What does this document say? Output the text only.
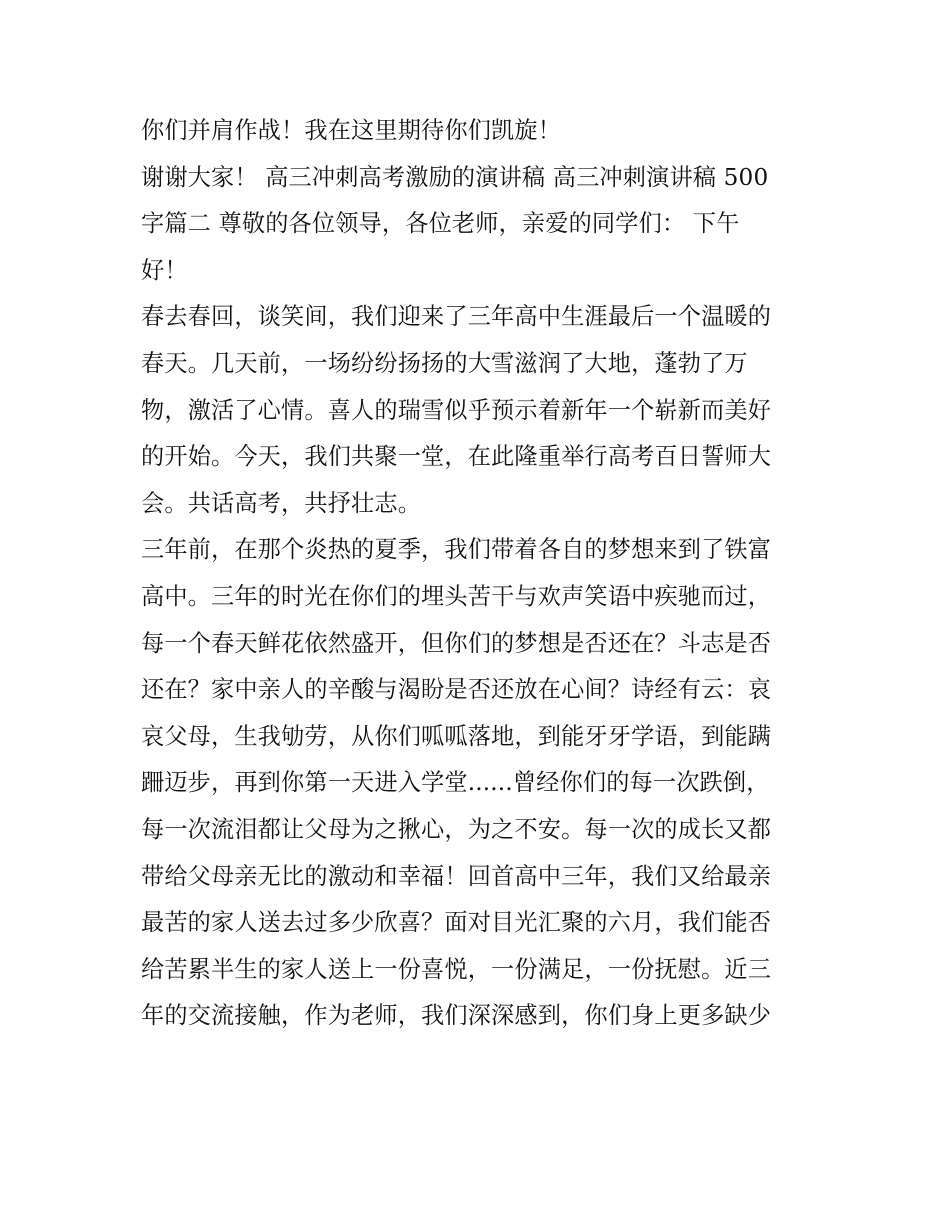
你们并肩作战！我在这里期待你们凯旋！
谢谢大家！ 高三冲刺高考激励的演讲稿 高三冲刺演讲稿 500
字篇二 尊敬的各位领导，各位老师，亲爱的同学们： 下午
好！
春去春回，谈笑间，我们迎来了三年高中生涯最后一个温暖的
春天。几天前，一场纷纷扬扬的大雪滋润了大地，蓬勃了万
物，激活了心情。喜人的瑞雪似乎预示着新年一个崭新而美好
的开始。今天，我们共聚一堂，在此隆重举行高考百日誓师大
会。共话高考，共抒壮志。
三年前，在那个炎热的夏季，我们带着各自的梦想来到了铁富
高中。三年的时光在你们的埋头苦干与欢声笑语中疾驰而过，
每一个春天鲜花依然盛开，但你们的梦想是否还在？斗志是否
还在？家中亲人的辛酸与渴盼是否还放在心间？诗经有云：哀
哀父母，生我劬劳，从你们呱呱落地，到能牙牙学语，到能蹒
跚迈步，再到你第一天进入学堂......曾经你们的每一次跌倒，
每一次流泪都让父母为之揪心，为之不安。每一次的成长又都
带给父母亲无比的激动和幸福！回首高中三年，我们又给最亲
最苦的家人送去过多少欣喜？面对目光汇聚的六月，我们能否
给苦累半生的家人送上一份喜悦，一份满足，一份抚慰。近三
年的交流接触，作为老师，我们深深感到，你们身上更多缺少
